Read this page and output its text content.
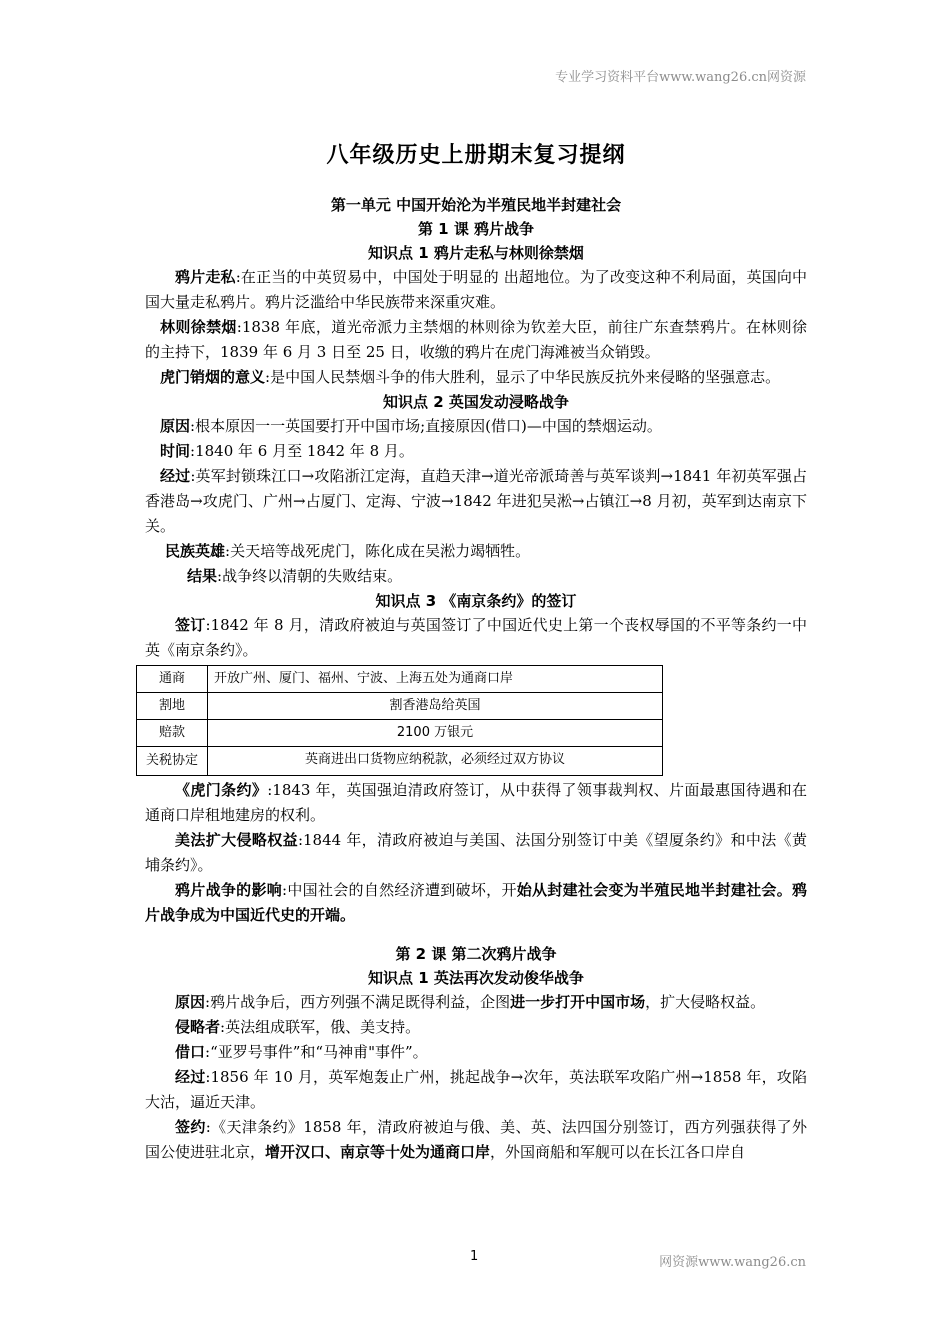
专业学习资料平台www.wang26.cn网资源
八年级历史上册期末复习提纲
第一单元 中国开始沦为半殖民地半封建社会
第 1 课 鸦片战争
知识点 1 鸦片走私与林则徐禁烟

鸦片走私:在正当的中英贸易中，中国处于明显的 出超地位。为了改变这种不利局面，英国向中国大量走私鸦片。鸦片泛滥给中华民族带来深重灾难。

林则徐禁烟:1838 年底，道光帝派力主禁烟的林则徐为钦差大臣，前往广东查禁鸦片。在林则徐的主持下，1839 年 6 月 3 日至 25 日，收缴的鸦片在虎门海滩被当众销毁。

虎门销烟的意义:是中国人民禁烟斗争的伟大胜利，显示了中华民族反抗外来侵略的坚强意志。

知识点 2 英国发动浸略战争

原因:根本原因一一英国要打开中国市场;直接原因(借口)—中国的禁烟运动。

时间:1840 年 6 月至 1842 年 8 月。

经过:英军封锁珠江口→攻陷浙江定海，直趋天津→道光帝派琦善与英军谈判→1841 年初英军强占香港岛→攻虎门、广州→占厦门、定海、宁波→1842 年进犯吴淞→占镇江→8 月初，英军到达南京下关。

民族英雄:关天培等战死虎门，陈化成在吴淞力竭牺牲。

结果:战争终以清朝的失败结束。

知识点 3 《南京条约》的签订

签订:1842 年 8 月，清政府被迫与英国签订了中国近代史上第一个丧权辱国的不平等条约一中英《南京条约》。

通商	开放广州、厦门、福州、宁波、上海五处为通商口岸
割地	割香港岛给英国
赔款	2100 万银元
关税协定	英商进出口货物应纳税款，必须经过双方协议

《虎门条约》:1843 年，英国强迫清政府签订，从中获得了领事裁判权、片面最惠国待遇和在通商口岸租地建房的权利。

美法扩大侵略权益:1844 年，清政府被迫与美国、法国分别签订中美《望厦条约》和中法《黄埔条约》。

鸦片战争的影响:中国社会的自然经济遭到破坏，开始从封建社会变为半殖民地半封建社会。鸦片战争成为中国近代史的开端。

第 2 课 第二次鸦片战争
知识点 1 英法再次发动俊华战争

原因:鸦片战争后，西方列强不满足既得利益，企图进一步打开中国市场，扩大侵略权益。

侵略者:英法组成联军，俄、美支持。

借口:“亚罗号事件”和“马神甫"事件”。

经过:1856 年 10 月，英军炮轰止广州，挑起战争→次年，英法联军攻陷广州→1858 年，攻陷大沽，逼近天津。

签约:《天津条约》1858 年，清政府被迫与俄、美、英、法四国分别签订，西方列强获得了外国公使进驻北京，增开汉口、南京等十处为通商口岸，外国商船和军舰可以在长江各口岸自

1	网资源www.wang26.cn
